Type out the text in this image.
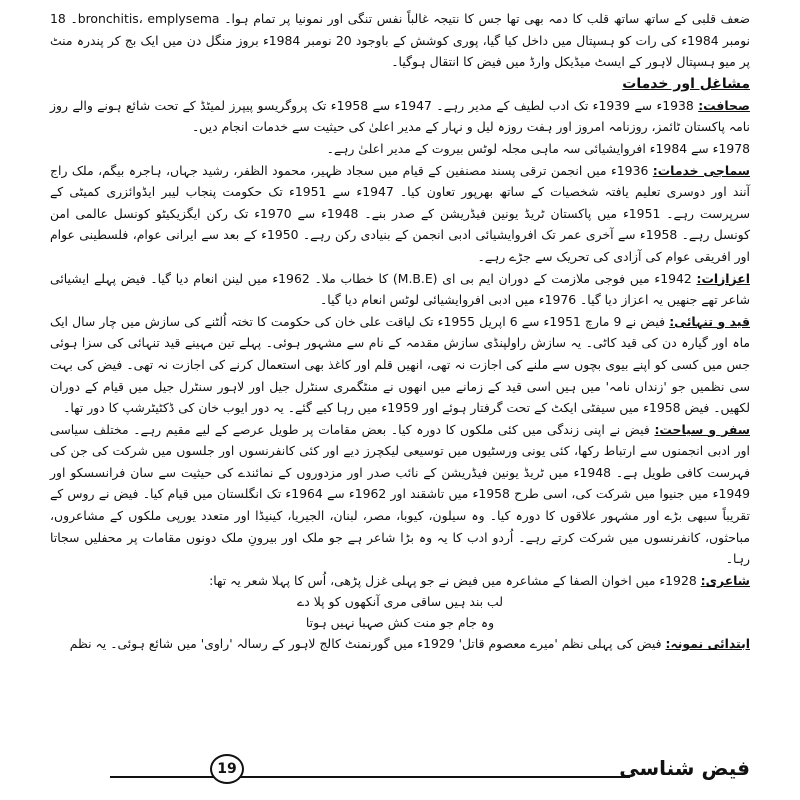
ضعف قلبی کے ساتھ ساتھ قلب کا دمہ بھی تھا جس کا نتیجہ غالباً نفس تنگی اور نمونیا پر تمام ہوا۔ bronchitis، emplysema۔ 18 نومبر 1984ء کی رات کو ہسپتال میں داخل کیا گیا، پوری کوشش کے باوجود 20 نومبر 1984ء بروز منگل دن میں ایک بج کر پندرہ منٹ پر میو ہسپتال لاہور کے ایسٹ میڈیکل وارڈ میں فیض کا انتقال ہوگیا۔

مشاغل اور خدمات

صحافت: 1938ء سے 1939ء تک ادب لطیف کے مدیر رہے۔ 1947ء سے 1958ء تک پروگریسو پیپرز لمیٹڈ کے تحت شائع ہونے والے روز نامہ پاکستان ٹائمز، روزنامہ امروز اور ہفت روزہ لیل و نہار کے مدیر اعلیٰ کی حیثیت سے خدمات انجام دیں۔

1978ء سے 1984ء افروایشیائی سہ ماہی مجلہ لوٹس بیروت کے مدیر اعلیٰ رہے۔

سماجی خدمات: 1936ء میں انجمن ترقی پسند مصنفین کے قیام میں سجاد ظہیر، محمود الظفر، رشید جہاں، ہاجرہ بیگم، ملک راج آنند اور دوسری تعلیم یافتہ شخصیات کے ساتھ بھرپور تعاون کیا۔ 1947ء سے 1951ء تک حکومت پنجاب لیبر ایڈوائزری کمیٹی کے سرپرست رہے۔ 1951ء میں پاکستان ٹریڈ یونین فیڈریشن کے صدر بنے۔ 1948ء سے 1970ء تک رکن ایگزیکیٹو کونسل عالمی امن کونسل رہے۔ 1958ء سے آخری عمر تک افروایشیائی ادبی انجمن کے بنیادی رکن رہے۔ 1950ء کے بعد سے ایرانی عوام، فلسطینی عوام اور افریقی عوام کی آزادی کی تحریک سے جڑے رہے۔

اعزازات: 1942ء میں فوجی ملازمت کے دوران ایم بی ای (M.B.E) کا خطاب ملا۔ 1962ء میں لینن انعام دیا گیا۔ فیض پہلے ایشیائی شاعر تھے جنھیں یہ اعزاز دیا گیا۔ 1976ء میں ادبی افروایشیائی لوٹس انعام دیا گیا۔

قید و تنہائی: فیض نے 9 مارچ 1951ء سے 6 اپریل 1955ء تک لیاقت علی خان کی حکومت کا تختہ اُلٹنے کی سازش میں چار سال ایک ماہ اور گیارہ دن کی قید کاٹی۔ یہ سازش راولپنڈی سازش مقدمہ کے نام سے مشہور ہوئی۔ پہلے تین مہینے قید تنہائی کی سزا ہوئی جس میں کسی کو اپنے بیوی بچوں سے ملنے کی اجازت نہ تھی، انھیں قلم اور کاغذ بھی استعمال کرنے کی اجازت نہ تھی۔ فیض کی بہت سی نظمیں جو 'زنداں نامہ' میں ہیں اسی قید کے زمانے میں انھوں نے منٹگمری سنٹرل جیل اور لاہور سنٹرل جیل میں قیام کے دوران لکھیں۔ فیض 1958ء میں سیفٹی ایکٹ کے تحت گرفتار ہوئے اور 1959ء میں رہا کیے گئے۔ یہ دور ایوب خان کی ڈکٹیٹرشپ کا دور تھا۔

سفر و سیاحت: فیض نے اپنی زندگی میں کئی ملکوں کا دورہ کیا۔ بعض مقامات پر طویل عرصے کے لیے مقیم رہے۔ مختلف سیاسی اور ادبی انجمنوں سے ارتباط رکھا، کئی یونی ورسٹیوں میں توسیعی لیکچرز دیے اور کئی کانفرنسوں اور جلسوں میں شرکت کی جن کی فہرست کافی طویل ہے۔ 1948ء میں ٹریڈ یونین فیڈریشن کے نائب صدر اور مزدوروں کے نمائندے کی حیثیت سے سان فرانسسکو اور 1949ء میں جنیوا میں شرکت کی، اسی طرح 1958ء میں تاشقند اور 1962ء سے 1964ء تک انگلستان میں قیام کیا۔ فیض نے روس کے تقریباً سبھی بڑے اور مشہور علاقوں کا دورہ کیا۔ وہ سیلون، کیوبا، مصر، لبنان، الجیریا، کینیڈا اور متعدد یورپی ملکوں کے مشاعروں، مباحثوں، کانفرنسوں میں شرکت کرتے رہے۔ اُردو ادب کا یہ وہ بڑا شاعر ہے جو ملک اور بیرونِ ملک دونوں مقامات پر محفلیں سجاتا رہا۔

شاعری: 1928ء میں اخوان الصفا کے مشاعرہ میں فیض نے جو پہلی غزل پڑھی، اُس کا پہلا شعر یہ تھا:

لب بند ہیں ساقی مری آنکھوں کو پلا دے

وہ جام جو منت کش صہبا نہیں ہوتا

ابتدائی نمونہ: فیض کی پہلی نظم 'میرے معصوم قاتل' 1929ء میں گورنمنٹ کالج لاہور کے رسالہ 'راوی' میں شائع ہوئی۔ یہ نظم

فیض شناسی
19
